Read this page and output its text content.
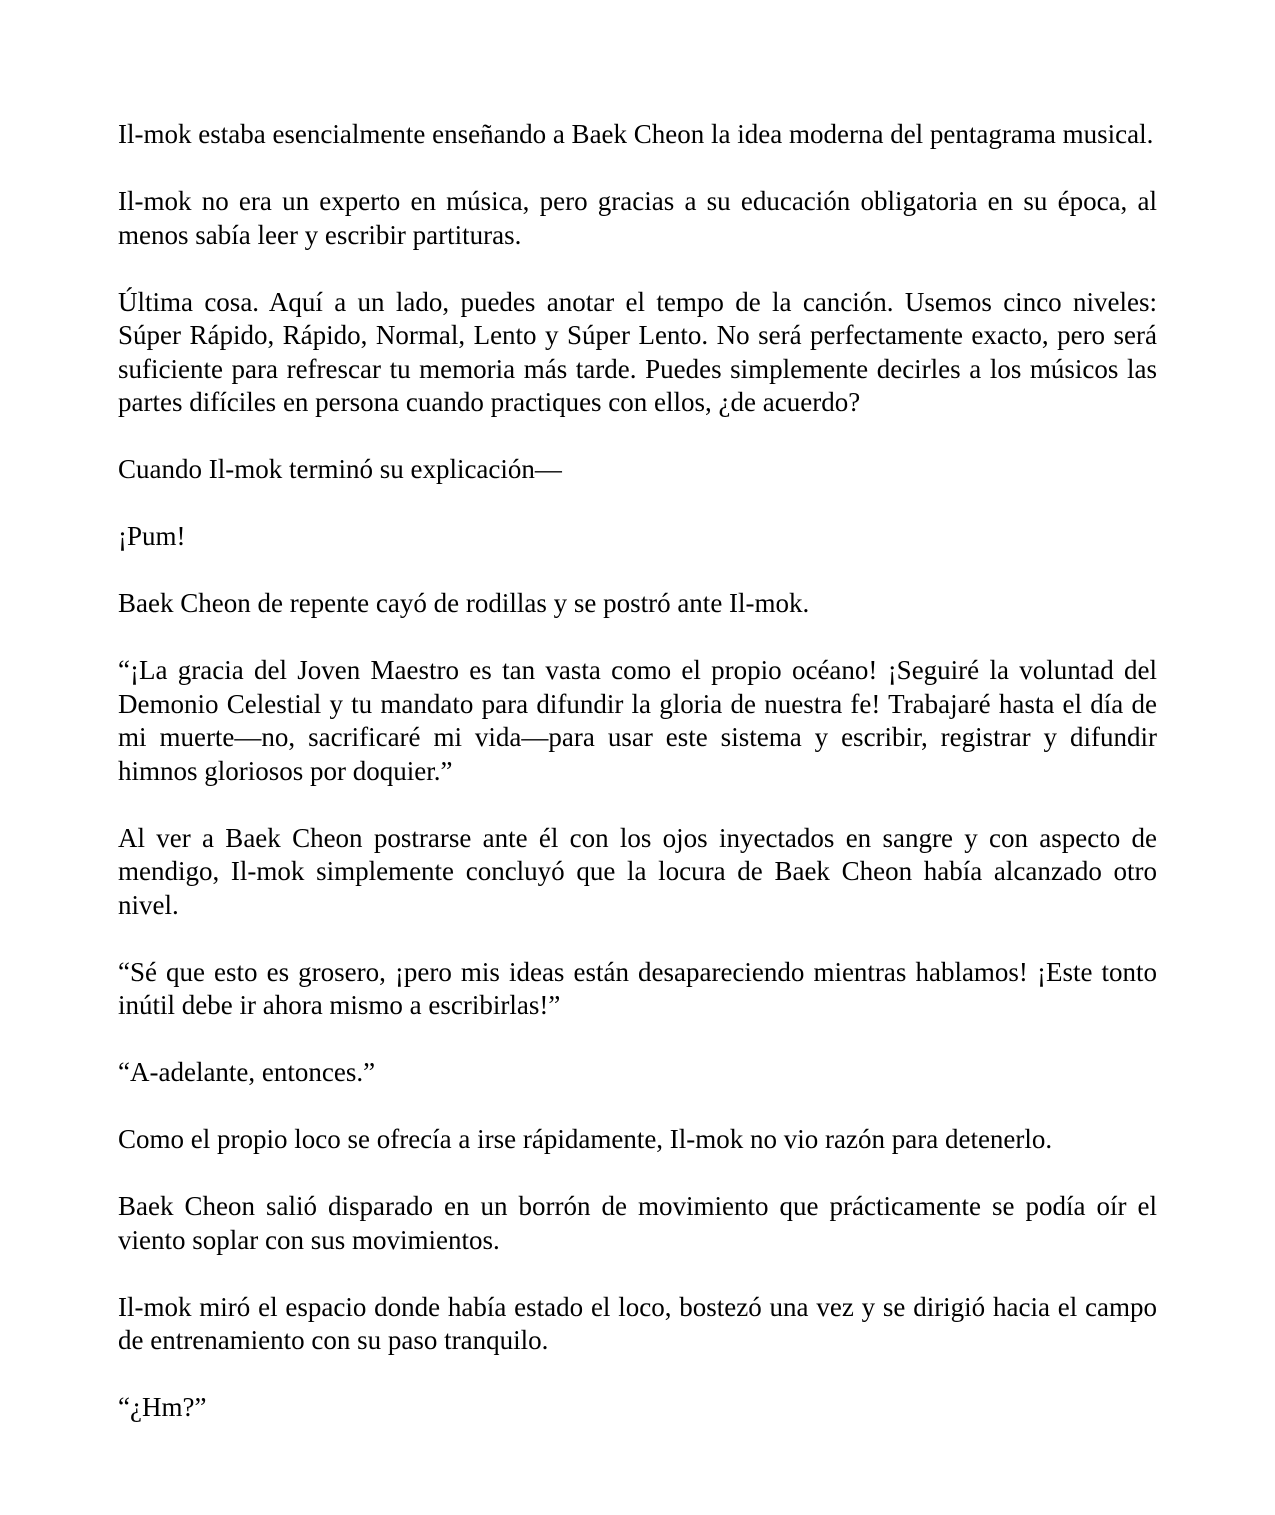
Il-mok estaba esencialmente enseñando a Baek Cheon la idea moderna del pentagrama musical.

Il-mok no era un experto en música, pero gracias a su educación obligatoria en su época, al menos sabía leer y escribir partituras.

Última cosa. Aquí a un lado, puedes anotar el tempo de la canción. Usemos cinco niveles: Súper Rápido, Rápido, Normal, Lento y Súper Lento. No será perfectamente exacto, pero será suficiente para refrescar tu memoria más tarde. Puedes simplemente decirles a los músicos las partes difíciles en persona cuando practiques con ellos, ¿de acuerdo?

Cuando Il-mok terminó su explicación—

¡Pum!

Baek Cheon de repente cayó de rodillas y se postró ante Il-mok.

“¡La gracia del Joven Maestro es tan vasta como el propio océano! ¡Seguiré la voluntad del Demonio Celestial y tu mandato para difundir la gloria de nuestra fe! Trabajaré hasta el día de mi muerte—no, sacrificaré mi vida—para usar este sistema y escribir, registrar y difundir himnos gloriosos por doquier.”

Al ver a Baek Cheon postrarse ante él con los ojos inyectados en sangre y con aspecto de mendigo, Il-mok simplemente concluyó que la locura de Baek Cheon había alcanzado otro nivel.

“Sé que esto es grosero, ¡pero mis ideas están desapareciendo mientras hablamos! ¡Este tonto inútil debe ir ahora mismo a escribirlas!”

“A-adelante, entonces.”

Como el propio loco se ofrecía a irse rápidamente, Il-mok no vio razón para detenerlo.

Baek Cheon salió disparado en un borrón de movimiento que prácticamente se podía oír el viento soplar con sus movimientos.

Il-mok miró el espacio donde había estado el loco, bostezó una vez y se dirigió hacia el campo de entrenamiento con su paso tranquilo.

“¿Hm?”
